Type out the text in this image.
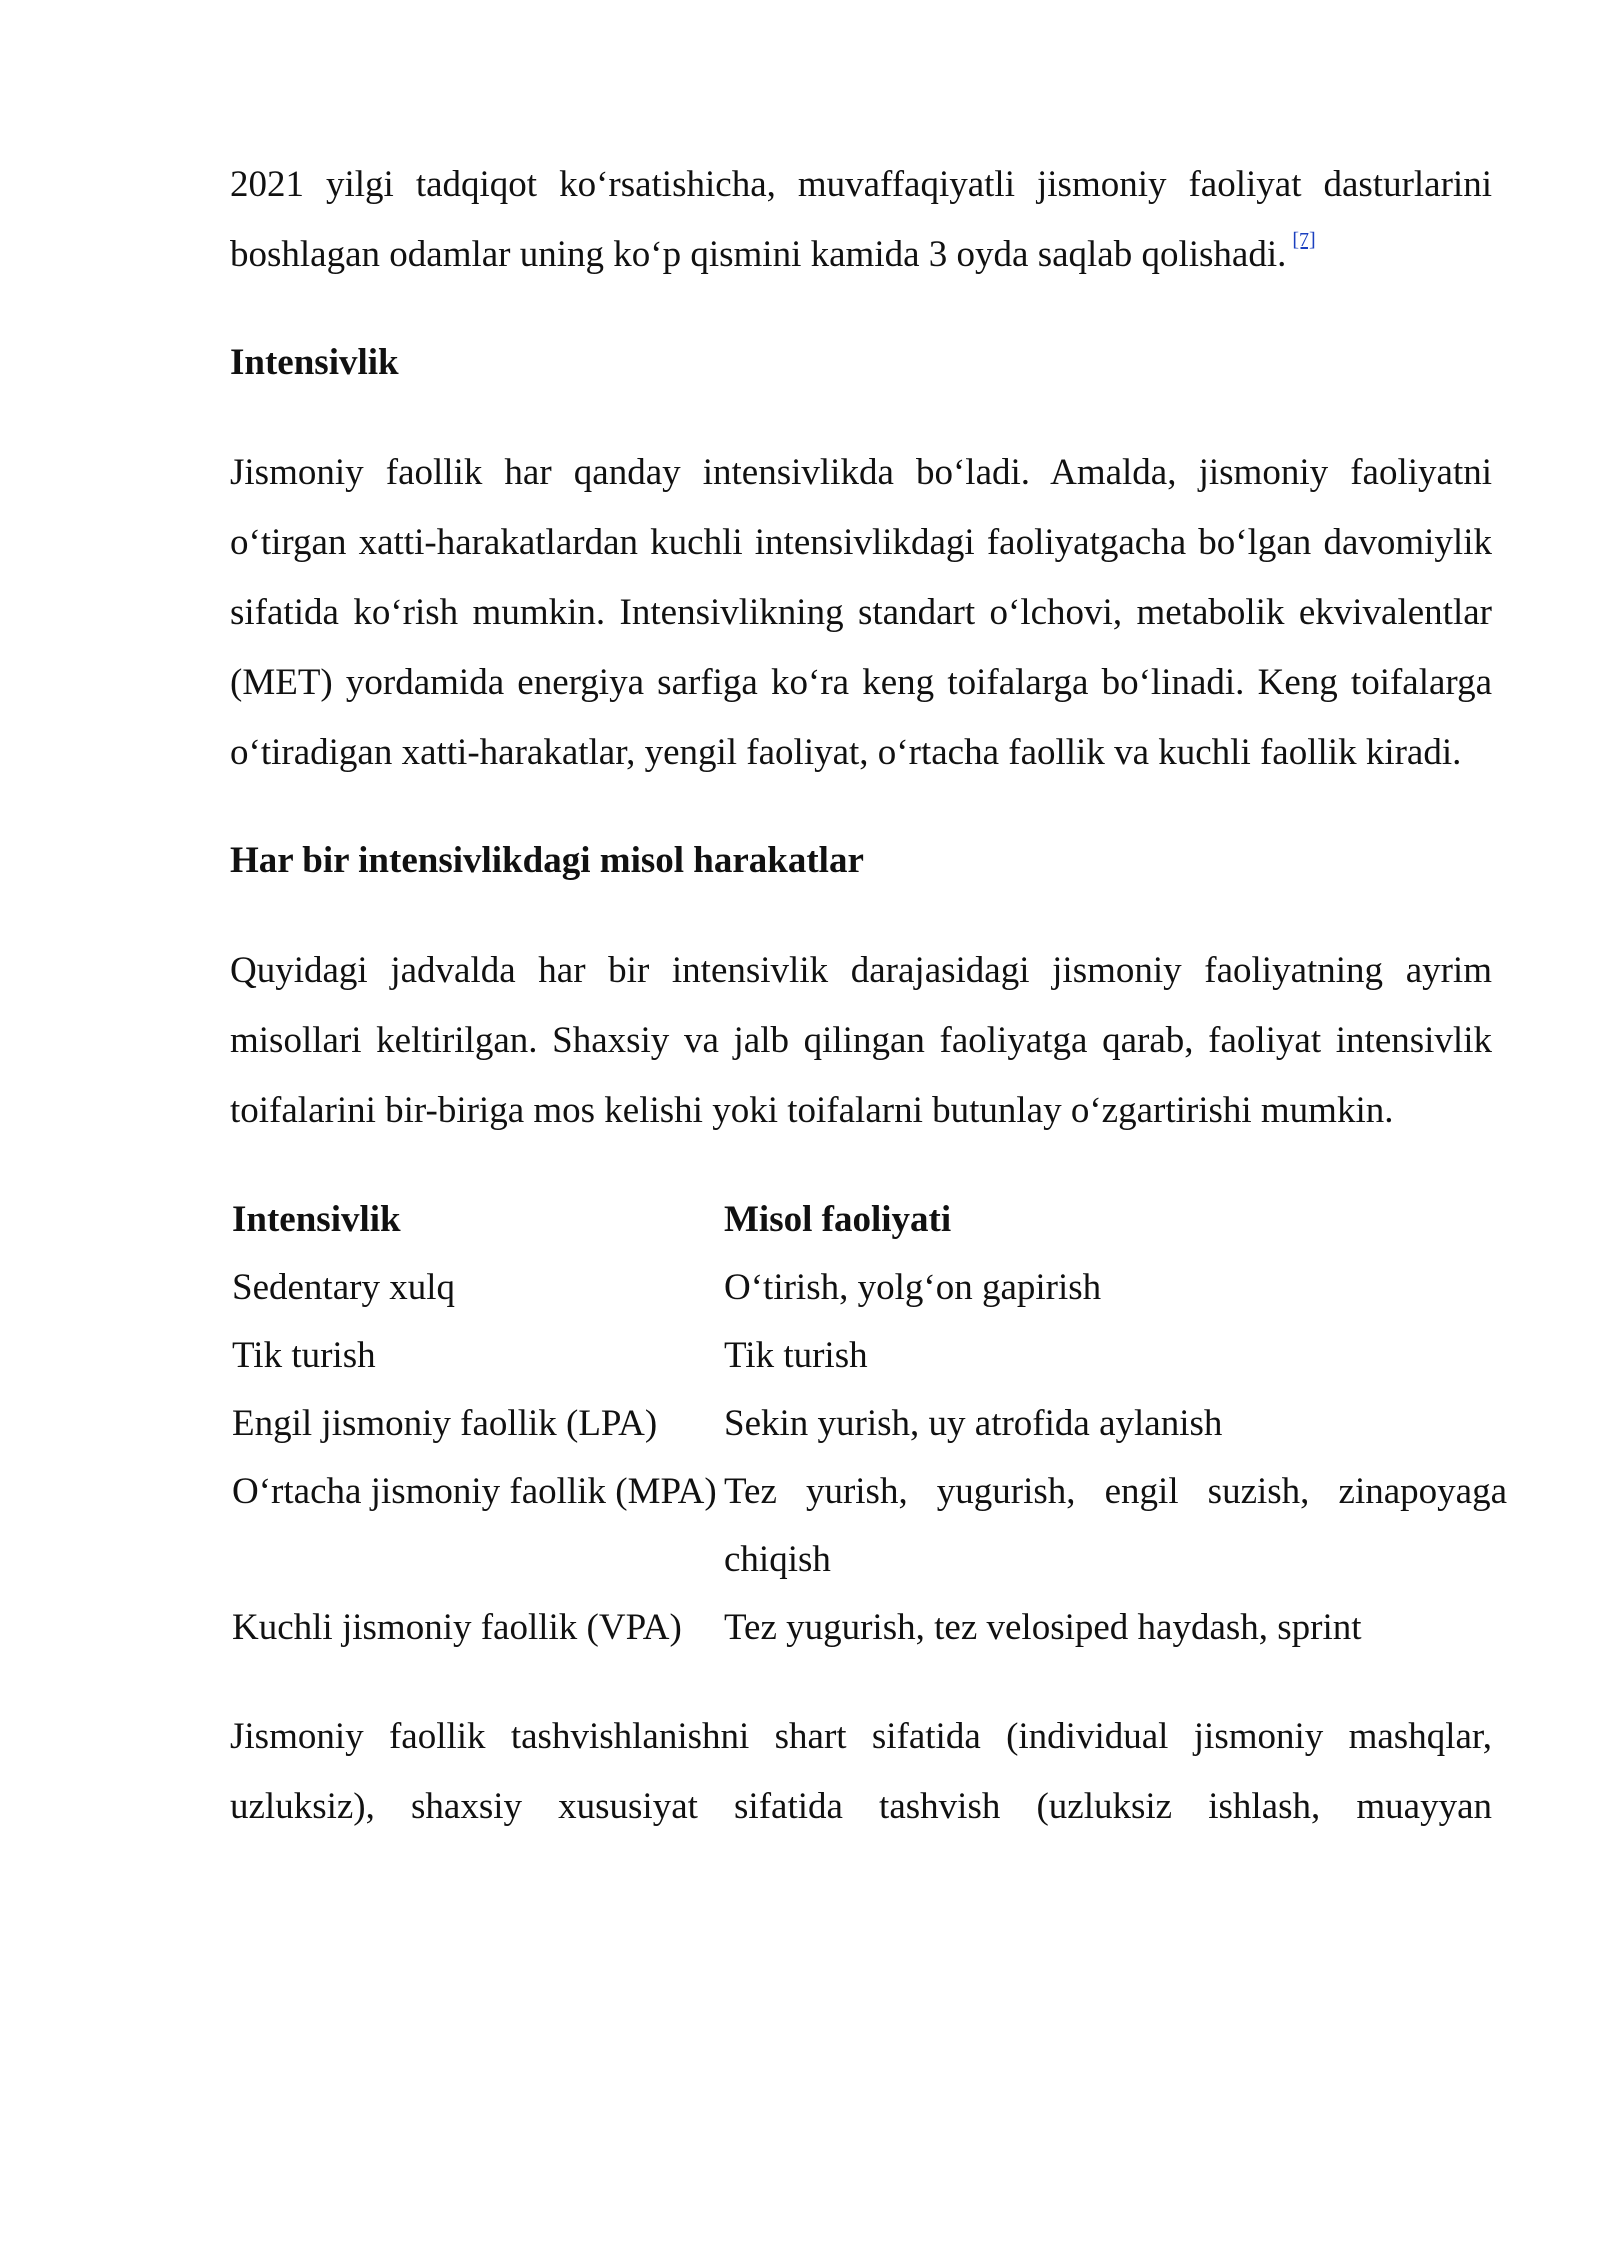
2021 yilgi tadqiqot ko‘rsatishicha, muvaffaqiyatli jismoniy faoliyat dasturlarini boshlagan odamlar uning ko‘p qismini kamida 3 oyda saqlab qolishadi. [7]

Intensivlik

Jismoniy faollik har qanday intensivlikda bo‘ladi. Amalda, jismoniy faoliyatni o‘tirgan xatti-harakatlardan kuchli intensivlikdagi faoliyatgacha bo‘lgan davomiylik sifatida ko‘rish mumkin. Intensivlikning standart o‘lchovi, metabolik ekvivalentlar (MET) yordamida energiya sarfiga ko‘ra keng toifalarga bo‘linadi. Keng toifalarga o‘tiradigan xatti-harakatlar, yengil faoliyat, o‘rtacha faollik va kuchli faollik kiradi.

Har bir intensivlikdagi misol harakatlar

Quyidagi jadvalda har bir intensivlik darajasidagi jismoniy faoliyatning ayrim misollari keltirilgan. Shaxsiy va jalb qilingan faoliyatga qarab, faoliyat intensivlik toifalarini bir-biriga mos kelishi yoki toifalarni butunlay o‘zgartirishi mumkin.

Intensivlik	Misol faoliyati
Sedentary xulq	O‘tirish, yolg‘on gapirish
Tik turish	Tik turish
Engil jismoniy faollik (LPA)	Sekin yurish, uy atrofida aylanish
O‘rtacha jismoniy faollik (MPA)	Tez yurish, yugurish, engil suzish, zinapoyaga chiqish
Kuchli jismoniy faollik (VPA)	Tez yugurish, tez velosiped haydash, sprint

Jismoniy faollik tashvishlanishni shart sifatida (individual jismoniy mashqlar, uzluksiz), shaxsiy xususiyat sifatida tashvish (uzluksiz ishlash, muayyan
